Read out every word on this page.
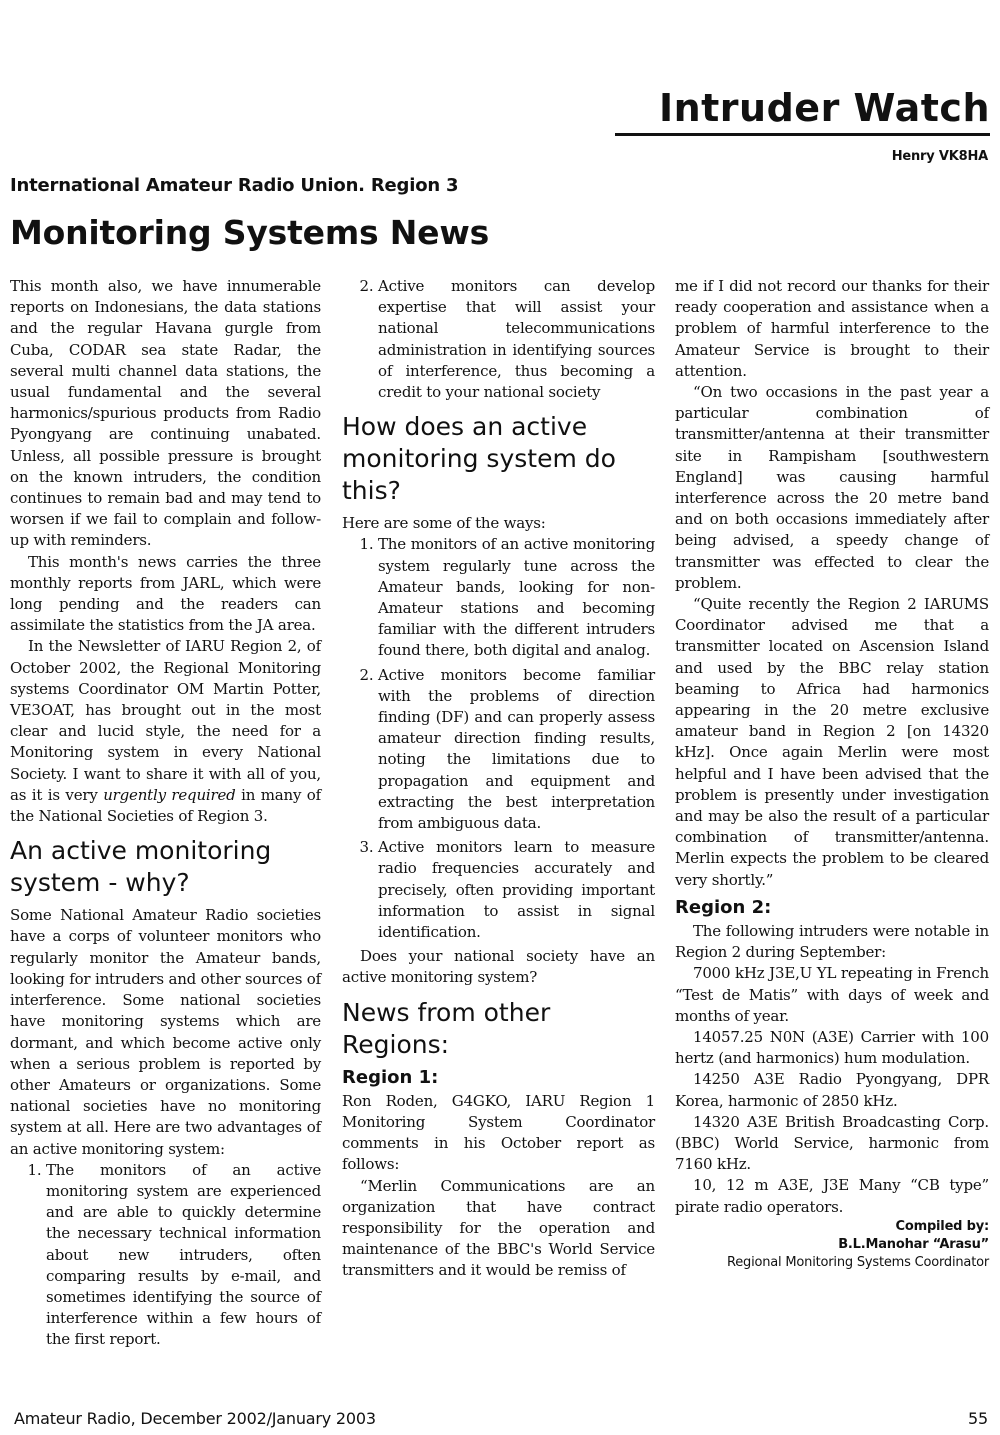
Intruder Watch

Henry VK8HA

International Amateur Radio Union. Region 3

Monitoring Systems News

This month also, we have innumerable reports on Indonesians, the data stations and the regular Havana gurgle from Cuba, CODAR sea state Radar, the several multi channel data stations, the usual fundamental and the several harmonics/spurious products from Radio Pyongyang are continuing unabated. Unless, all possible pressure is brought on the known intruders, the condition continues to remain bad and may tend to worsen if we fail to complain and follow-up with reminders.

This month's news carries the three monthly reports from JARL, which were long pending and the readers can assimilate the statistics from the JA area.

In the Newsletter of IARU Region 2, of October 2002, the Regional Monitoring systems Coordinator OM Martin Potter, VE3OAT, has brought out in the most clear and lucid style, the need for a Monitoring system in every National Society. I want to share it with all of you, as it is very urgently required in many of the National Societies of Region 3.

An active monitoring system - why?

Some National Amateur Radio societies have a corps of volunteer monitors who regularly monitor the Amateur bands, looking for intruders and other sources of interference. Some national societies have monitoring systems which are dormant, and which become active only when a serious problem is reported by other Amateurs or organizations. Some national societies have no monitoring system at all. Here are two advantages of an active monitoring system:

1. The monitors of an active monitoring system are experienced and are able to quickly determine the necessary technical information about new intruders, often comparing results by e-mail, and sometimes identifying the source of interference within a few hours of the first report.
2. Active monitors can develop expertise that will assist your national telecommunications administration in identifying sources of interference, thus becoming a credit to your national society
How does an active monitoring system do this?

Here are some of the ways:

1. The monitors of an active monitoring system regularly tune across the Amateur bands, looking for non-Amateur stations and becoming familiar with the different intruders found there, both digital and analog.
2. Active monitors become familiar with the problems of direction finding (DF) and can properly assess amateur direction finding results, noting the limitations due to propagation and equipment and extracting the best interpretation from ambiguous data.
3. Active monitors learn to measure radio frequencies accurately and precisely, often providing important information to assist in signal identification.

Does your national society have an active monitoring system?

News from other Regions:
Region 1:

Ron Roden, G4GKO, IARU Region 1 Monitoring System Coordinator comments in his October report as follows:

“Merlin Communications are an organization that have contract responsibility for the operation and maintenance of the BBC's World Service transmitters and it would be remiss of

me if I did not record our thanks for their ready cooperation and assistance when a problem of harmful interference to the Amateur Service is brought to their attention.

“On two occasions in the past year a particular combination of transmitter/antenna at their transmitter site in Rampisham [southwestern England] was causing harmful interference across the 20 metre band and on both occasions immediately after being advised, a speedy change of transmitter was effected to clear the problem.

“Quite recently the Region 2 IARUMS Coordinator advised me that a transmitter located on Ascension Island and used by the BBC relay station beaming to Africa had harmonics appearing in the 20 metre exclusive amateur band in Region 2 [on 14320 kHz]. Once again Merlin were most helpful and I have been advised that the problem is presently under investigation and may be also the result of a particular combination of transmitter/antenna. Merlin expects the problem to be cleared very shortly.”

Region 2:

The following intruders were notable in Region 2 during September:

7000 kHz J3E,U YL repeating in French “Test de Matis” with days of week and months of year.

14057.25 N0N (A3E) Carrier with 100 hertz (and harmonics) hum modulation.

14250 A3E Radio Pyongyang, DPR Korea, harmonic of 2850 kHz.

14320 A3E British Broadcasting Corp. (BBC) World Service, harmonic from 7160 kHz.

10, 12 m A3E, J3E Many “CB type” pirate radio operators.

Compiled by:

B.L.Manohar “Arasu”

Regional Monitoring Systems Coordinator

Amateur Radio, December 2002/January 2003	55
